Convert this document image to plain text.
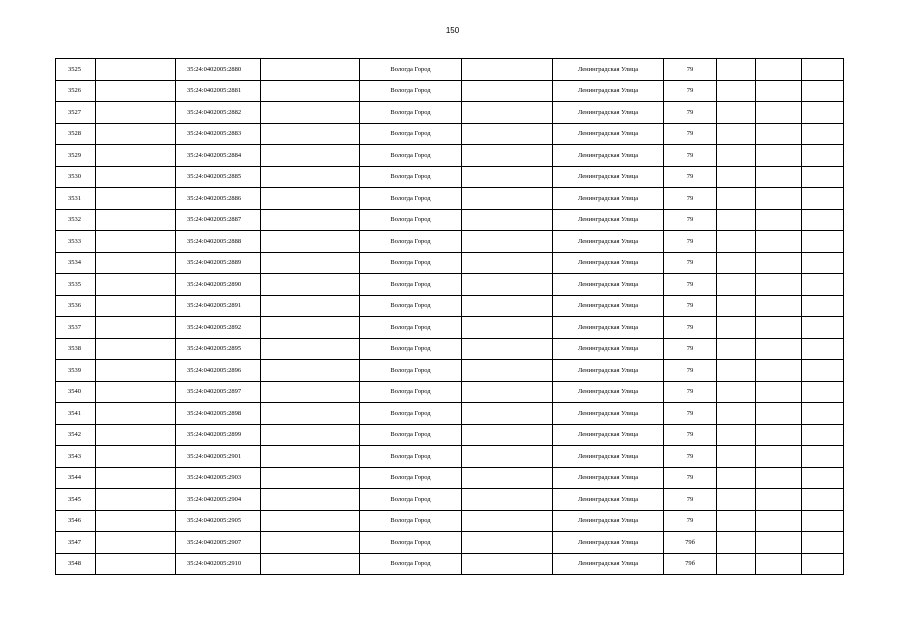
150
3525		35:24:0402005:2880		Вологда Город		Ленинградская Улица	79			
3526		35:24:0402005:2881		Вологда Город		Ленинградская Улица	79			
3527		35:24:0402005:2882		Вологда Город		Ленинградская Улица	79			
3528		35:24:0402005:2883		Вологда Город		Ленинградская Улица	79			
3529		35:24:0402005:2884		Вологда Город		Ленинградская Улица	79			
3530		35:24:0402005:2885		Вологда Город		Ленинградская Улица	79			
3531		35:24:0402005:2886		Вологда Город		Ленинградская Улица	79			
3532		35:24:0402005:2887		Вологда Город		Ленинградская Улица	79			
3533		35:24:0402005:2888		Вологда Город		Ленинградская Улица	79			
3534		35:24:0402005:2889		Вологда Город		Ленинградская Улица	79			
3535		35:24:0402005:2890		Вологда Город		Ленинградская Улица	79			
3536		35:24:0402005:2891		Вологда Город		Ленинградская Улица	79			
3537		35:24:0402005:2892		Вологда Город		Ленинградская Улица	79			
3538		35:24:0402005:2895		Вологда Город		Ленинградская Улица	79			
3539		35:24:0402005:2896		Вологда Город		Ленинградская Улица	79			
3540		35:24:0402005:2897		Вологда Город		Ленинградская Улица	79			
3541		35:24:0402005:2898		Вологда Город		Ленинградская Улица	79			
3542		35:24:0402005:2899		Вологда Город		Ленинградская Улица	79			
3543		35:24:0402005:2901		Вологда Город		Ленинградская Улица	79			
3544		35:24:0402005:2903		Вологда Город		Ленинградская Улица	79			
3545		35:24:0402005:2904		Вологда Город		Ленинградская Улица	79			
3546		35:24:0402005:2905		Вологда Город		Ленинградская Улица	79			
3547		35:24:0402005:2907		Вологда Город		Ленинградская Улица	79б			
3548		35:24:0402005:2910		Вологда Город		Ленинградская Улица	79б			
